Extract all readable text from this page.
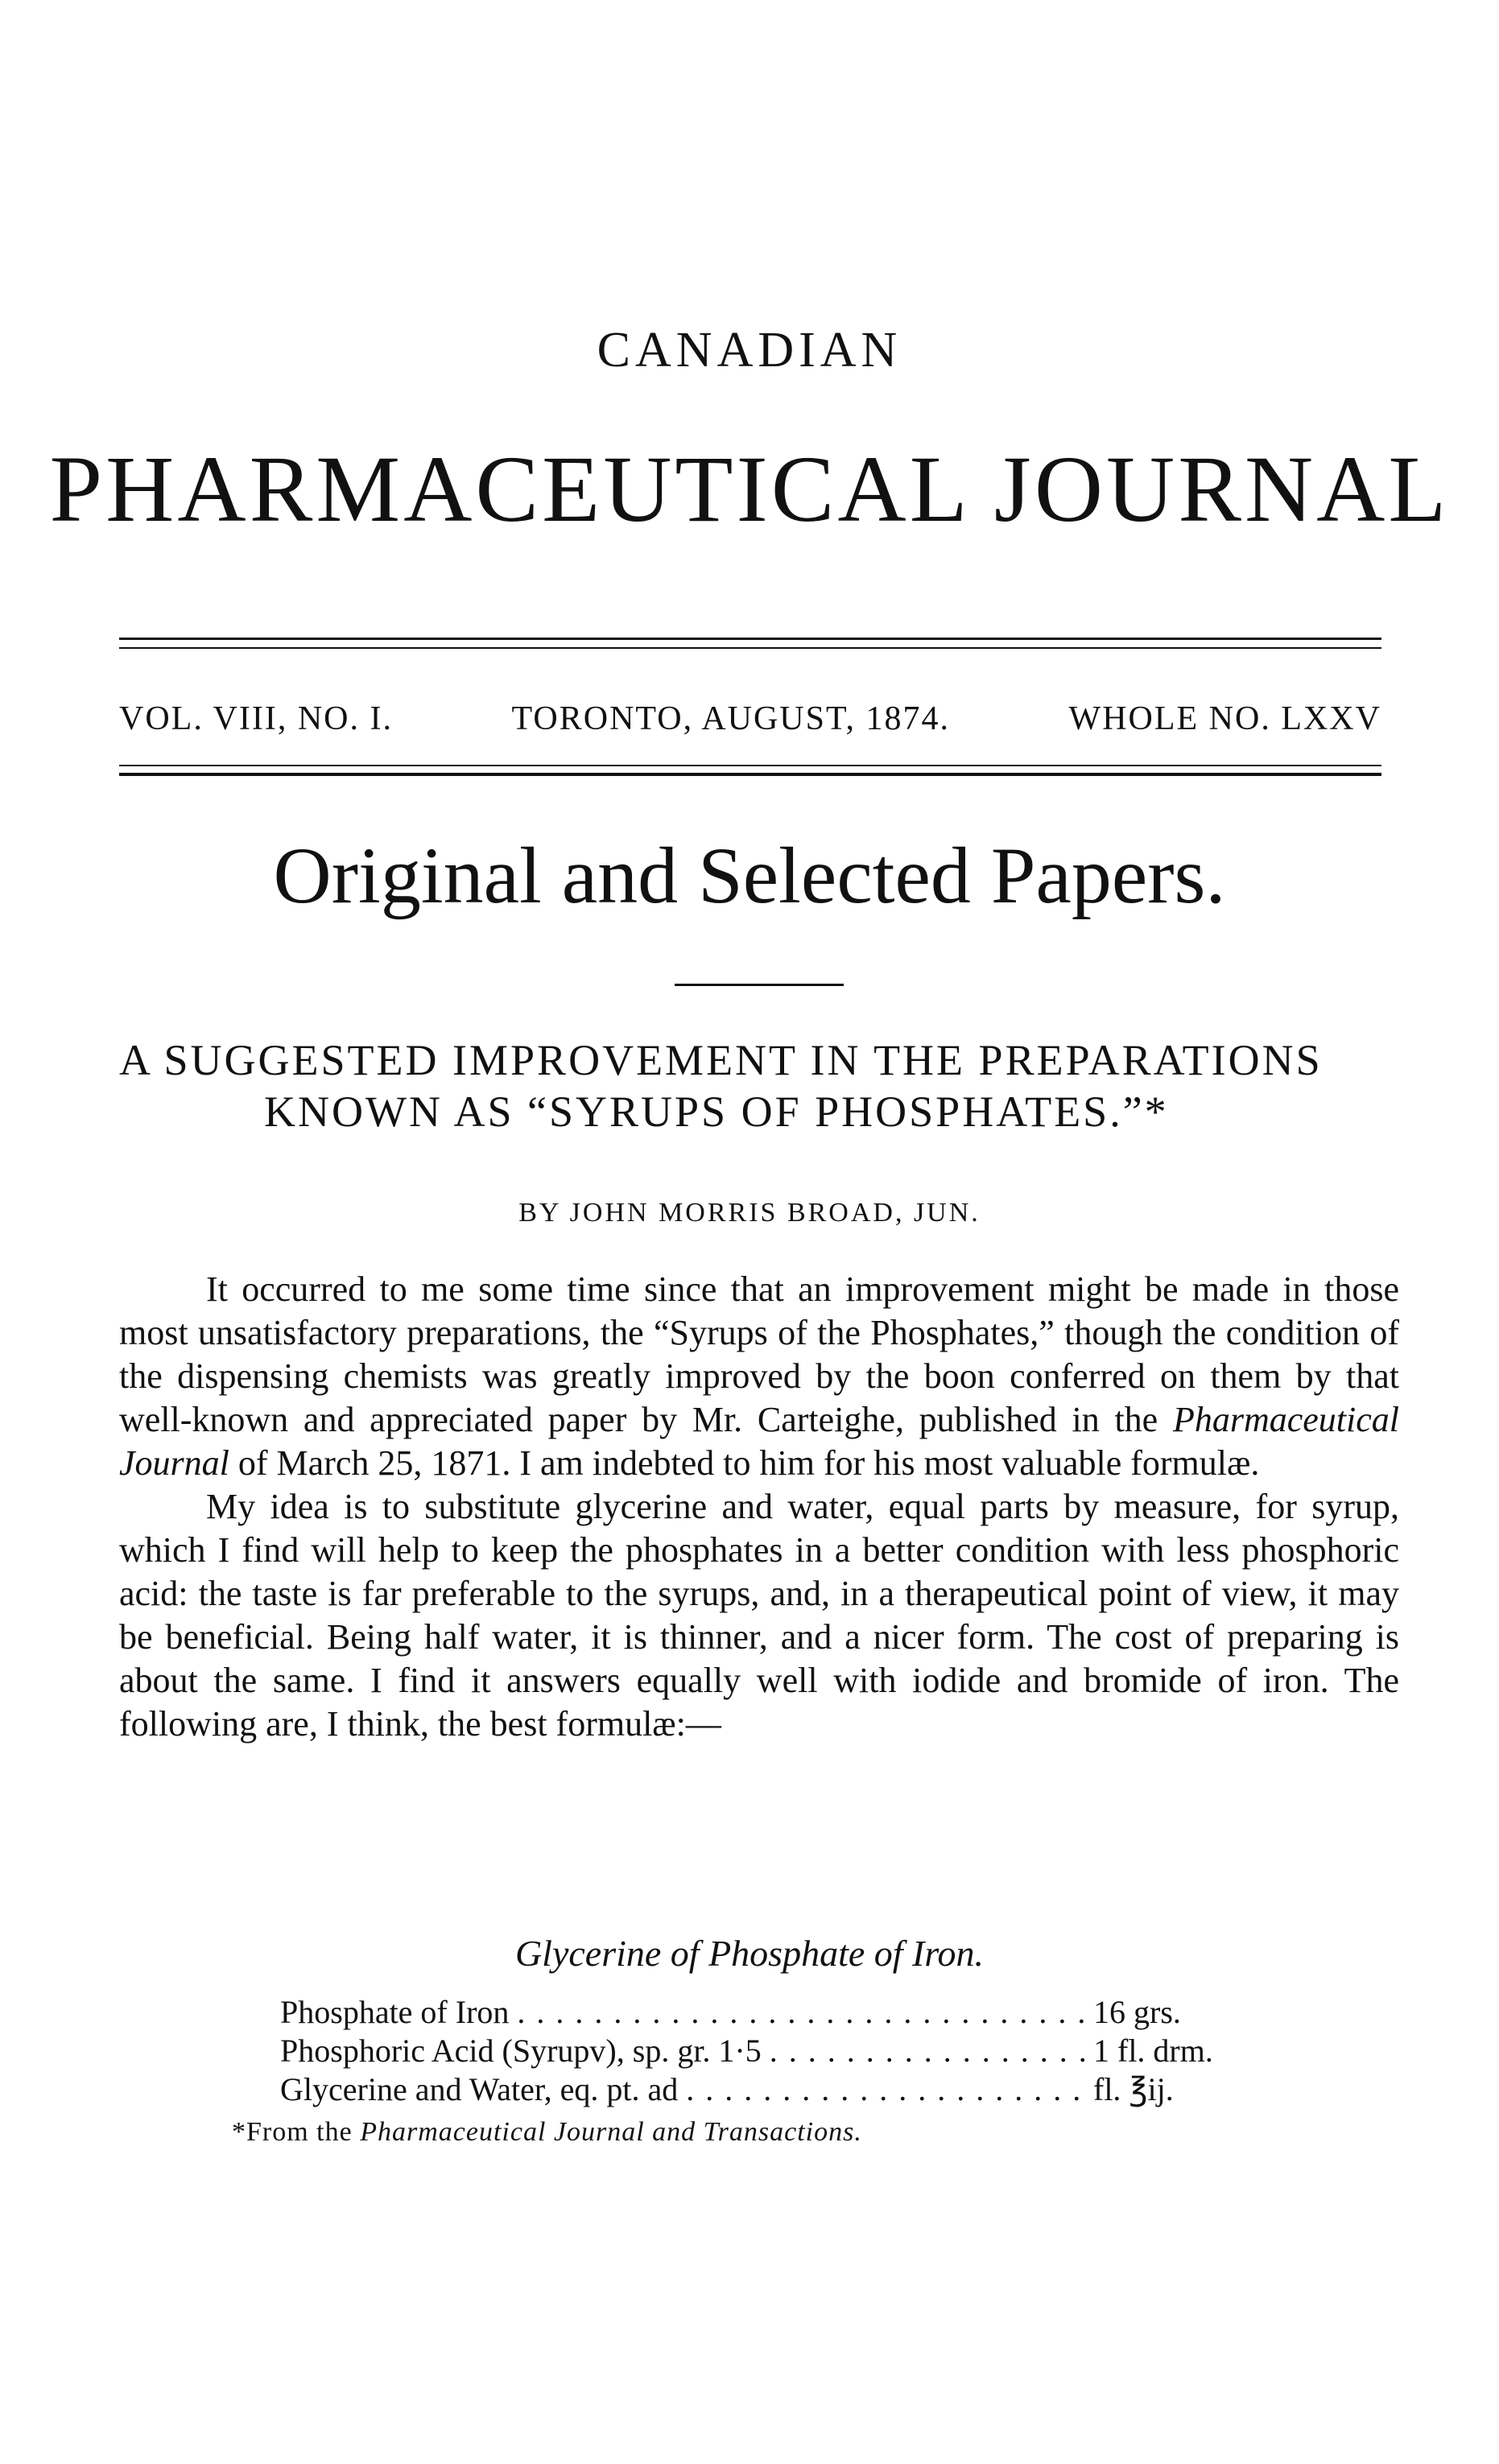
CANADIAN
PHARMACEUTICAL JOURNAL
VOL. VIII, NO. I.	TORONTO, AUGUST, 1874.	WHOLE NO. LXXV
Original and Selected Papers.
A SUGGESTED IMPROVEMENT IN THE PREPARATIONS
KNOWN AS “SYRUPS OF PHOSPHATES.”*
BY JOHN MORRIS BROAD, JUN.

It occurred to me some time since that an improvement might be made in those most unsatisfactory preparations, the “Syrups of the Phosphates,” though the condition of the dispensing chemists was greatly improved by the boon conferred on them by that well-known and appreciated paper by Mr. Carteighe, published in the Pharmaceutical Journal of March 25, 1871. I am indebted to him for his most valuable formulæ.

My idea is to substitute glycerine and water, equal parts by measure, for syrup, which I find will help to keep the phosphates in a better condition with less phosphoric acid: the taste is far preferable to the syrups, and, in a therapeutical point of view, it may be beneficial. Being half water, it is thinner, and a nicer form. The cost of preparing is about the same. I find it answers equally well with iodide and bromide of iron. The following are, I think, the best formulæ:—

Glycerine of Phosphate of Iron.
Phosphate of Iron . . .	16 grs.
Phosphoric Acid (Syrupv), sp. gr. 1·5 . . .	1 fl. drm.
Glycerine and Water, eq. pt. ad . . .	fl. ℥ij.
*From the Pharmaceutical Journal and Transactions.
